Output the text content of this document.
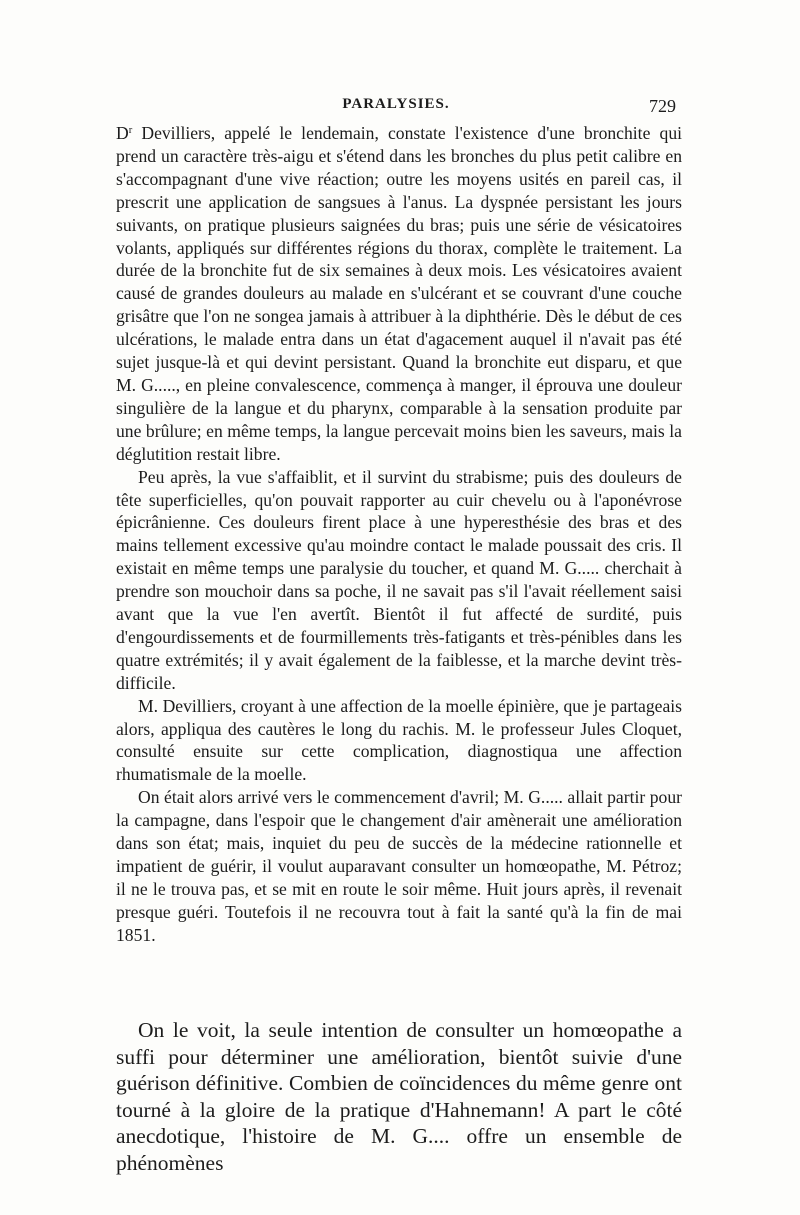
PARALYSIES.	729

$D^r$ Devilliers, appelé le lendemain, constate l'existence d'une bronchite qui prend un caractère très-aigu et s'étend dans les bronches du plus petit calibre en s'accompagnant d'une vive réaction; outre les moyens usités en pareil cas, il prescrit une application de sangsues à l'anus. La dyspnée persistant les jours suivants, on pratique plusieurs saignées du bras; puis une série de vésicatoires volants, appliqués sur différentes régions du thorax, complète le traitement. La durée de la bronchite fut de six semaines à deux mois. Les vésicatoires avaient causé de grandes douleurs au malade en s'ulcérant et se couvrant d'une couche grisâtre que l'on ne songea jamais à attribuer à la diphthérie. Dès le début de ces ulcérations, le malade entra dans un état d'agacement auquel il n'avait pas été sujet jusque-là et qui devint persistant. Quand la bronchite eut disparu, et que M. G....., en pleine convalescence, commença à manger, il éprouva une douleur singulière de la langue et du pharynx, comparable à la sensation produite par une brûlure; en même temps, la langue percevait moins bien les saveurs, mais la déglutition restait libre.

Peu après, la vue s'affaiblit, et il survint du strabisme; puis des douleurs de tête superficielles, qu'on pouvait rapporter au cuir chevelu ou à l'aponévrose épicrânienne. Ces douleurs firent place à une hyperesthésie des bras et des mains tellement excessive qu'au moindre contact le malade poussait des cris. Il existait en même temps une paralysie du toucher, et quand M. G..... cherchait à prendre son mouchoir dans sa poche, il ne savait pas s'il l'avait réellement saisi avant que la vue l'en avertît. Bientôt il fut affecté de surdité, puis d'engourdissements et de fourmillements très-fatigants et très-pénibles dans les quatre extrémités; il y avait également de la faiblesse, et la marche devint très-difficile.

M. Devilliers, croyant à une affection de la moelle épinière, que je partageais alors, appliqua des cautères le long du rachis. M. le professeur Jules Cloquet, consulté ensuite sur cette complication, diagnostiqua une affection rhumatismale de la moelle.

On était alors arrivé vers le commencement d'avril; M. G..... allait partir pour la campagne, dans l'espoir que le changement d'air amènerait une amélioration dans son état; mais, inquiet du peu de succès de la médecine rationnelle et impatient de guérir, il voulut auparavant consulter un homœopathe, M. Pétroz; il ne le trouva pas, et se mit en route le soir même. Huit jours après, il revenait presque guéri. Toutefois il ne recouvra tout à fait la santé qu'à la fin de mai 1851.

On le voit, la seule intention de consulter un homœopathe a suffi pour déterminer une amélioration, bientôt suivie d'une guérison définitive. Combien de coïncidences du même genre ont tourné à la gloire de la pratique d'Hahnemann! A part le côté anecdotique, l'histoire de M. G.... offre un ensemble de phénomènes
